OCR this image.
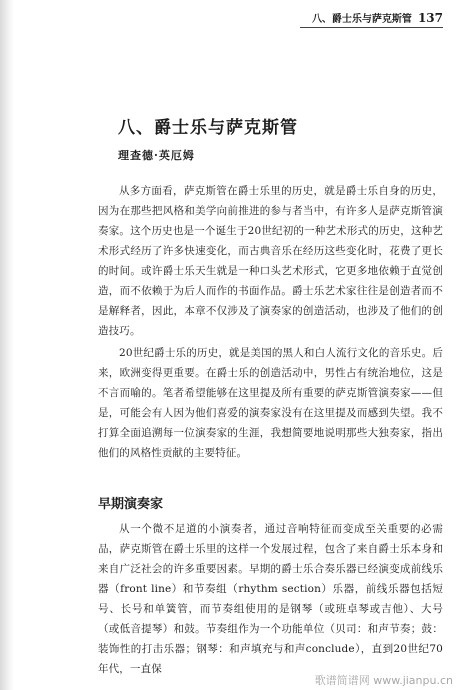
八、爵士乐与萨克斯管 137
八、爵士乐与萨克斯管
理查德·英厄姆

从多方面看，萨克斯管在爵士乐里的历史，就是爵士乐自身的历史，因为在那些把风格和美学向前推进的参与者当中，有许多人是萨克斯管演奏家。这个历史也是一个诞生于20世纪初的一种艺术形式的历史，这种艺术形式经历了许多快速变化，而古典音乐在经历这些变化时，花费了更长的时间。或许爵士乐天生就是一种口头艺术形式，它更多地依赖于直觉创造，而不依赖于为后人而作的书面作品。爵士乐艺术家往往是创造者而不是解释者，因此，本章不仅涉及了演奏家的创造活动，也涉及了他们的创造技巧。

20世纪爵士乐的历史，就是美国的黑人和白人流行文化的音乐史。后来，欧洲变得更重要。在爵士乐的创造活动中，男性占有统治地位，这是不言而喻的。笔者希望能够在这里提及所有重要的萨克斯管演奏家——但是，可能会有人因为他们喜爱的演奏家没有在这里提及而感到失望。我不打算全面追溯每一位演奏家的生涯，我想简要地说明那些大独奏家，指出他们的风格性贡献的主要特征。

早期演奏家

从一个微不足道的小演奏者，通过音响特征而变成至关重要的必需品，萨克斯管在爵士乐里的这样一个发展过程，包含了来自爵士乐本身和来自广泛社会的许多重要因素。早期的爵士乐合奏乐器已经演变成前线乐器（front line）和节奏组（rhythm section）乐器，前线乐器包括短号、长号和单簧管，而节奏组使用的是钢琴（或班卓琴或吉他）、大号（或低音提琴）和鼓。节奏组作为一个功能单位（贝司：和声节奏；鼓：装饰性的打击乐器；钢琴：和声填充与和声conclude），直到20世纪70年代，一直保

歌谱简谱网 www.jianpu.cn
